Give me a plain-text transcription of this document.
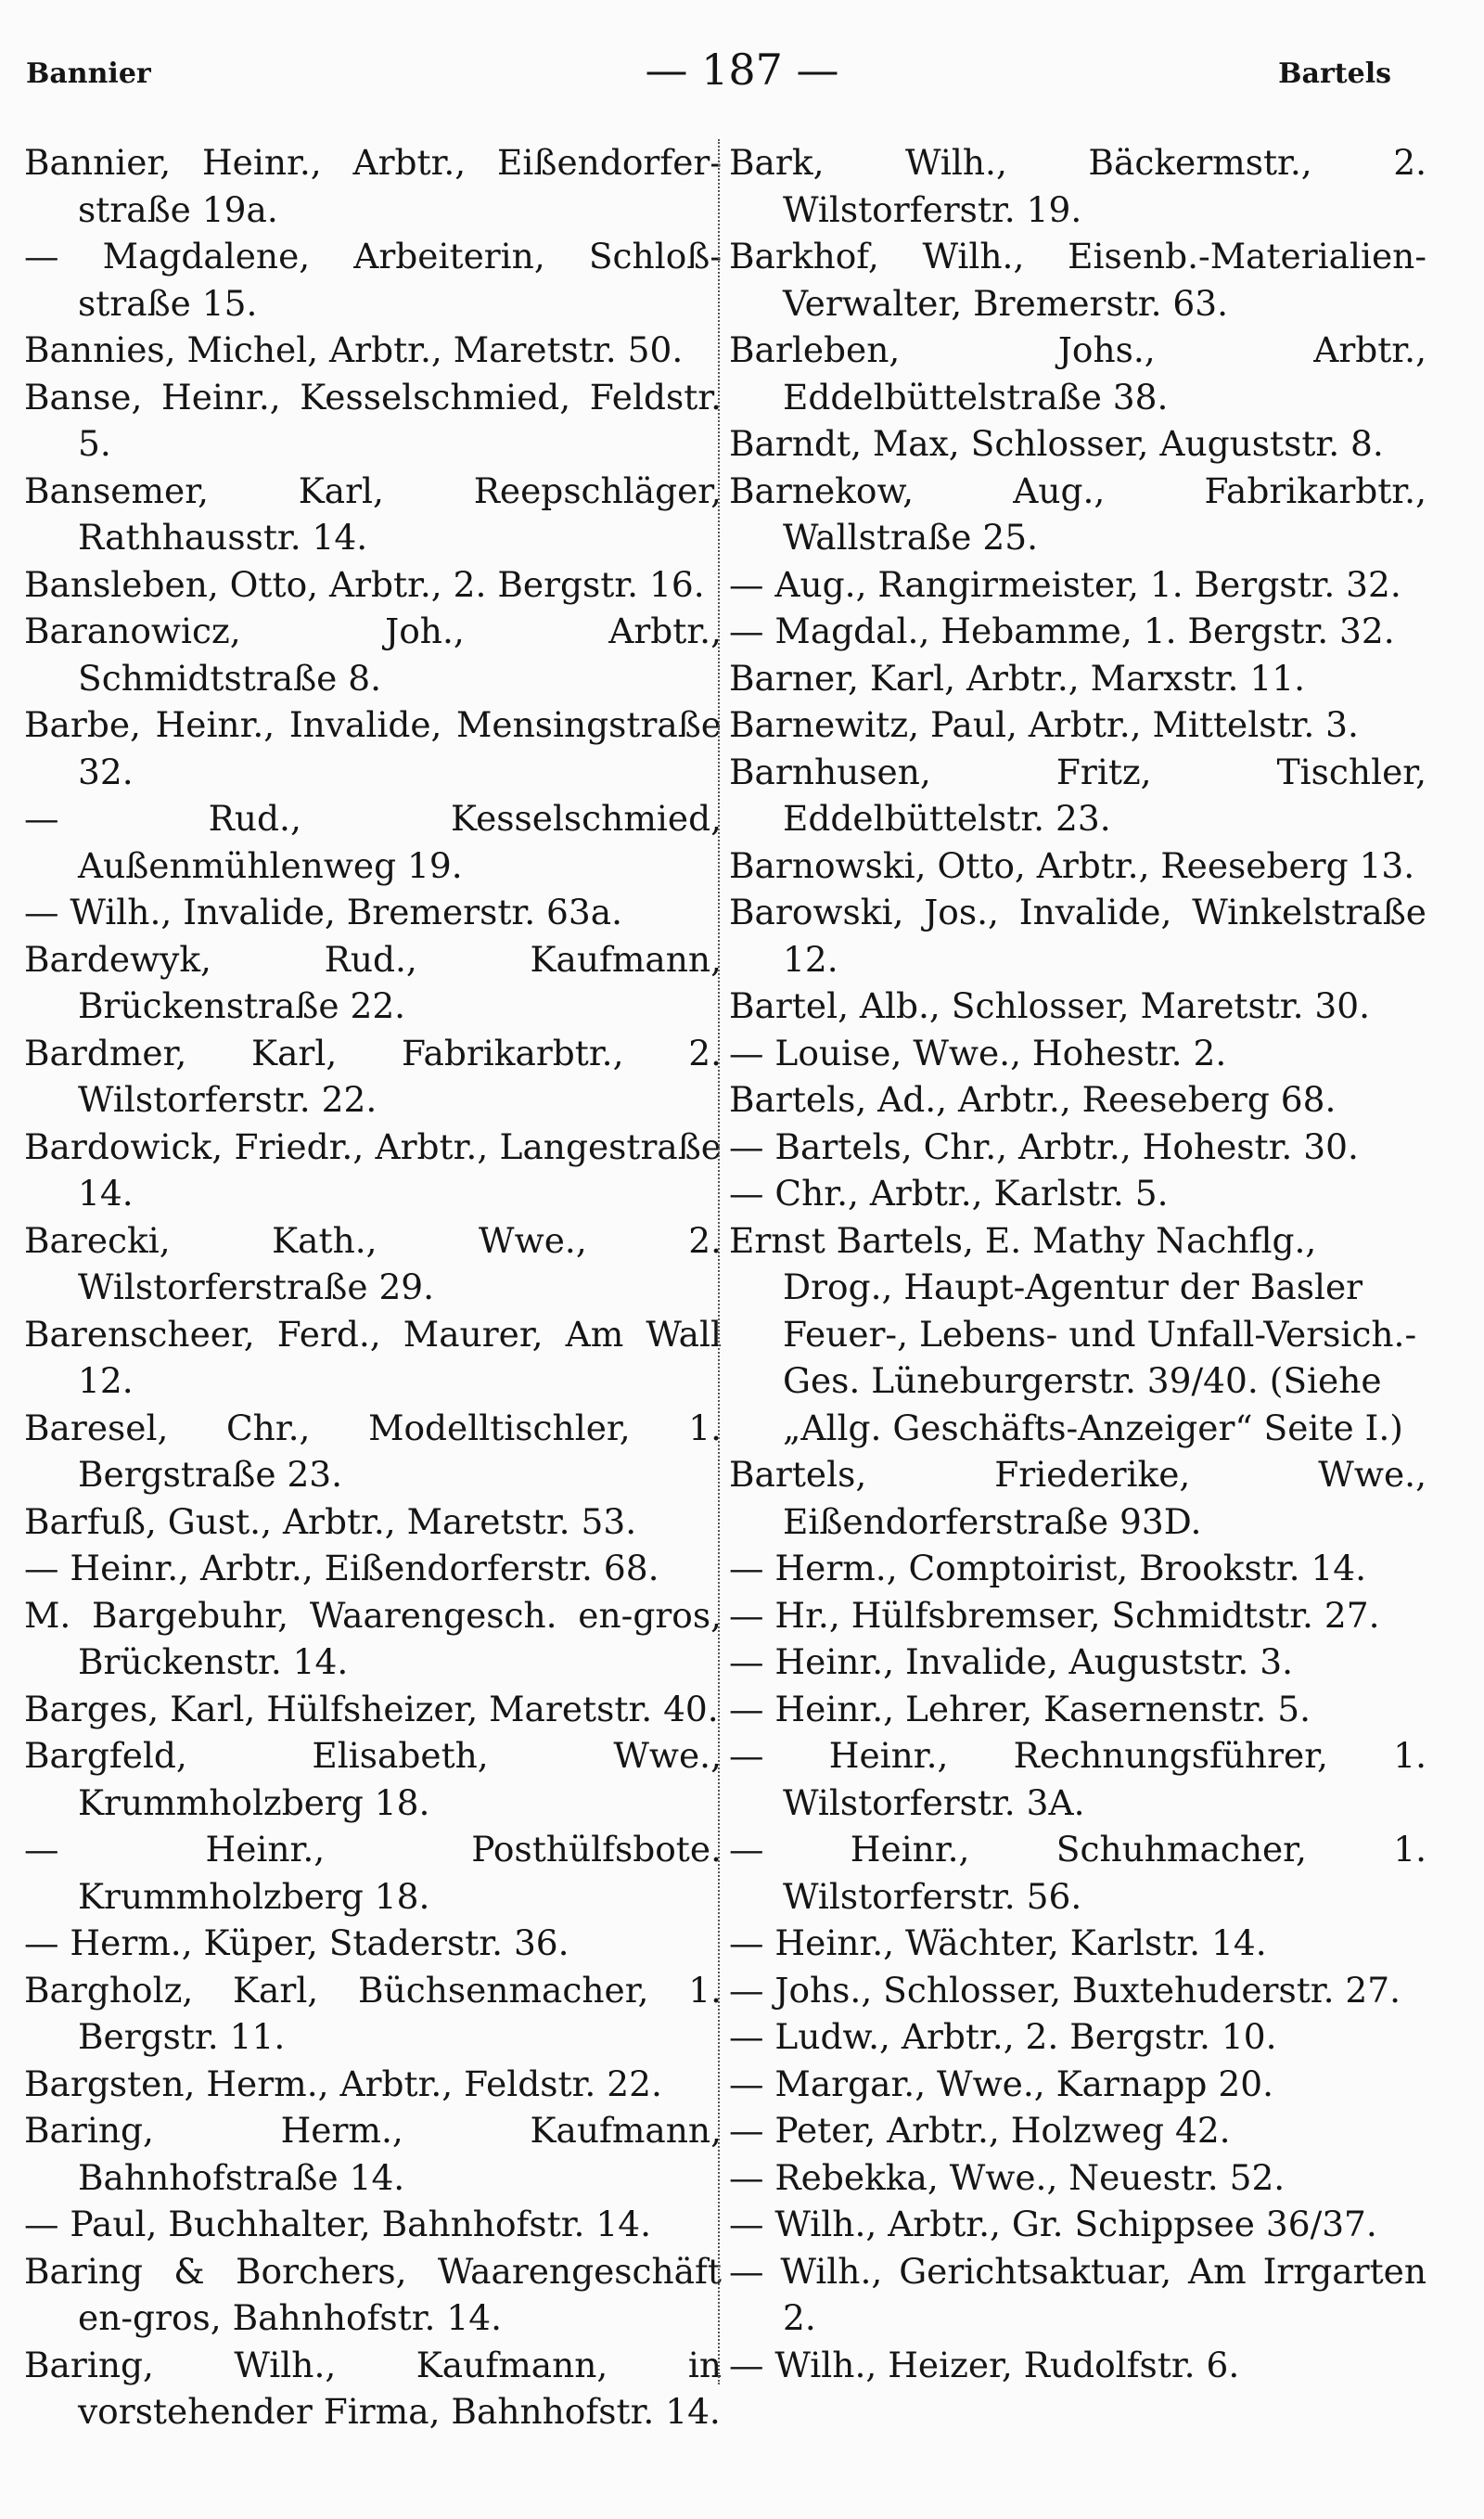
Bannier	— 187 —	Bartels
Bannier, Heinr., Arbtr., Eißendorfer-straße 19a.
— Magdalene, Arbeiterin, Schloß-straße 15.
Bannies, Michel, Arbtr., Maretstr. 50.
Banse, Heinr., Kesselschmied, Feldstr. 5.
Bansemer, Karl, Reepschläger, Rathhausstr. 14.
Bansleben, Otto, Arbtr., 2. Bergstr. 16.
Baranowicz, Joh., Arbtr., Schmidtstraße 8.
Barbe, Heinr., Invalide, Mensingstraße 32.
— Rud., Kesselschmied, Außenmühlenweg 19.
— Wilh., Invalide, Bremerstr. 63a.
Bardewyk, Rud., Kaufmann, Brückenstraße 22.
Bardmer, Karl, Fabrikarbtr., 2. Wilstorferstr. 22.
Bardowick, Friedr., Arbtr., Langestraße 14.
Barecki, Kath., Wwe., 2. Wilstorferstraße 29.
Barenscheer, Ferd., Maurer, Am Wall 12.
Baresel, Chr., Modelltischler, 1. Bergstraße 23.
Barfuß, Gust., Arbtr., Maretstr. 53.
— Heinr., Arbtr., Eißendorferstr. 68.
M. Bargebuhr, Waarengesch. en-gros, Brückenstr. 14.
Barges, Karl, Hülfsheizer, Maretstr. 40.
Bargfeld, Elisabeth, Wwe., Krummholzberg 18.
— Heinr., Posthülfsbote. Krummholzberg 18.
— Herm., Küper, Staderstr. 36.
Bargholz, Karl, Büchsenmacher, 1. Bergstr. 11.
Bargsten, Herm., Arbtr., Feldstr. 22.
Baring, Herm., Kaufmann, Bahnhofstraße 14.
— Paul, Buchhalter, Bahnhofstr. 14.
Baring & Borchers, Waarengeschäft en-gros, Bahnhofstr. 14.
Baring, Wilh., Kaufmann, in vorstehender Firma, Bahnhofstr. 14.
Bark, Wilh., Bäckermstr., 2. Wilstorferstr. 19.
Barkhof, Wilh., Eisenb.-Materialien-Verwalter, Bremerstr. 63.
Barleben, Johs., Arbtr., Eddelbüttelstraße 38.
Barndt, Max, Schlosser, Auguststr. 8.
Barnekow, Aug., Fabrikarbtr., Wallstraße 25.
— Aug., Rangirmeister, 1. Bergstr. 32.
— Magdal., Hebamme, 1. Bergstr. 32.
Barner, Karl, Arbtr., Marxstr. 11.
Barnewitz, Paul, Arbtr., Mittelstr. 3.
Barnhusen, Fritz, Tischler, Eddelbüttelstr. 23.
Barnowski, Otto, Arbtr., Reeseberg 13.
Barowski, Jos., Invalide, Winkelstraße 12.
Bartel, Alb., Schlosser, Maretstr. 30.
— Louise, Wwe., Hohestr. 2.
Bartels, Ad., Arbtr., Reeseberg 68.
— Bartels, Chr., Arbtr., Hohestr. 30.
— Chr., Arbtr., Karlstr. 5.
Ernst Bartels, E. Mathy Nachflg., Drog., Haupt-Agentur der Basler Feuer-, Lebens- und Unfall-Versich.-Ges. Lüneburgerstr. 39/40. (Siehe „Allg. Geschäfts-Anzeiger“ Seite I.)
Bartels, Friederike, Wwe., Eißendorferstraße 93D.
— Herm., Comptoirist, Brookstr. 14.
— Hr., Hülfsbremser, Schmidtstr. 27.
— Heinr., Invalide, Auguststr. 3.
— Heinr., Lehrer, Kasernenstr. 5.
— Heinr., Rechnungsführer, 1. Wilstorferstr. 3A.
— Heinr., Schuhmacher, 1. Wilstorferstr. 56.
— Heinr., Wächter, Karlstr. 14.
— Johs., Schlosser, Buxtehuderstr. 27.
— Ludw., Arbtr., 2. Bergstr. 10.
— Margar., Wwe., Karnapp 20.
— Peter, Arbtr., Holzweg 42.
— Rebekka, Wwe., Neuestr. 52.
— Wilh., Arbtr., Gr. Schippsee 36/37.
— Wilh., Gerichtsaktuar, Am Irrgarten 2.
— Wilh., Heizer, Rudolfstr. 6.
